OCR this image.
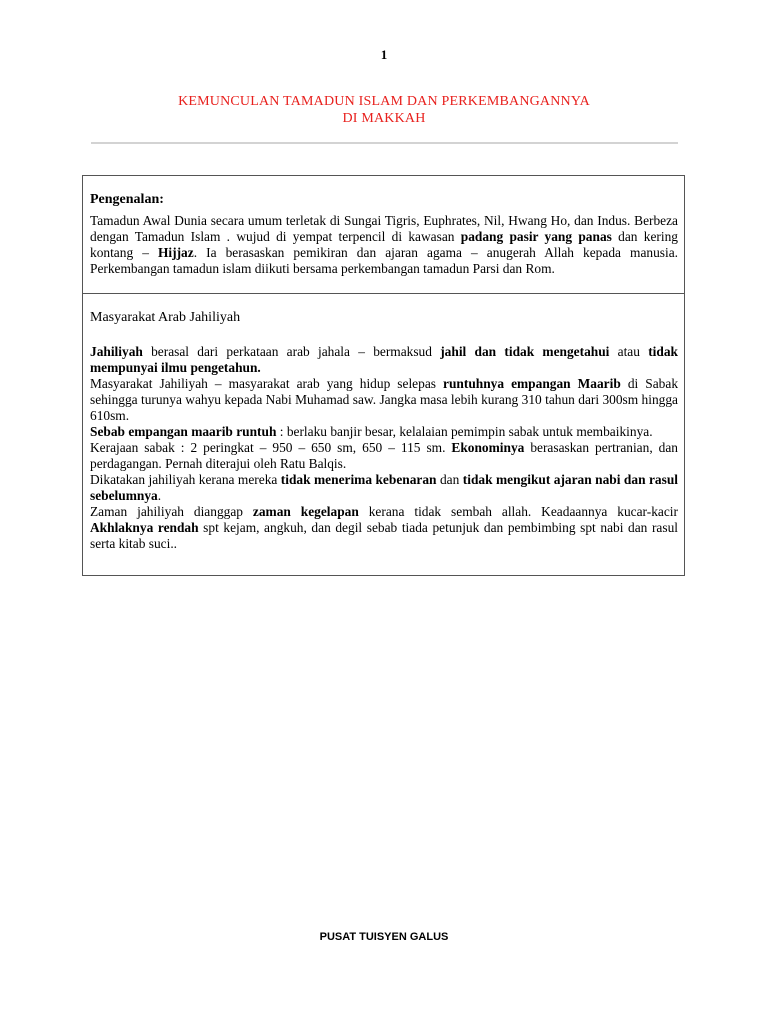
1
KEMUNCULAN TAMADUN ISLAM DAN PERKEMBANGANNYA
DI MAKKAH
Pengenalan:

Tamadun Awal Dunia secara umum terletak di Sungai Tigris, Euphrates, Nil, Hwang Ho, dan Indus. Berbeza dengan Tamadun Islam . wujud di yempat terpencil di kawasan padang pasir yang panas dan kering kontang – Hijjaz. Ia berasaskan pemikiran dan ajaran agama – anugerah Allah kepada manusia. Perkembangan tamadun islam diikuti bersama perkembangan tamadun Parsi dan Rom.

Masyarakat Arab Jahiliyah

Jahiliyah berasal dari perkataan arab jahala – bermaksud jahil dan tidak mengetahui atau tidak mempunyai ilmu pengetahun.

Masyarakat Jahiliyah – masyarakat arab yang hidup selepas runtuhnya empangan Maarib di Sabak sehingga turunya wahyu kepada Nabi Muhamad saw. Jangka masa lebih kurang 310 tahun dari 300sm hingga 610sm.

Sebab empangan maarib runtuh : berlaku banjir besar, kelalaian pemimpin sabak untuk membaikinya.

Kerajaan sabak : 2 peringkat – 950 – 650 sm, 650 – 115 sm. Ekonominya berasaskan pertranian, dan perdagangan. Pernah diterajui oleh Ratu Balqis.

Dikatakan jahiliyah kerana mereka tidak menerima kebenaran dan tidak mengikut ajaran nabi dan rasul sebelumnya.

Zaman jahiliyah dianggap zaman kegelapan kerana tidak sembah allah. Keadaannya kucar-kacir Akhlaknya rendah spt kejam, angkuh, dan degil sebab tiada petunjuk dan pembimbing spt nabi dan rasul serta kitab suci..

PUSAT TUISYEN GALUS
